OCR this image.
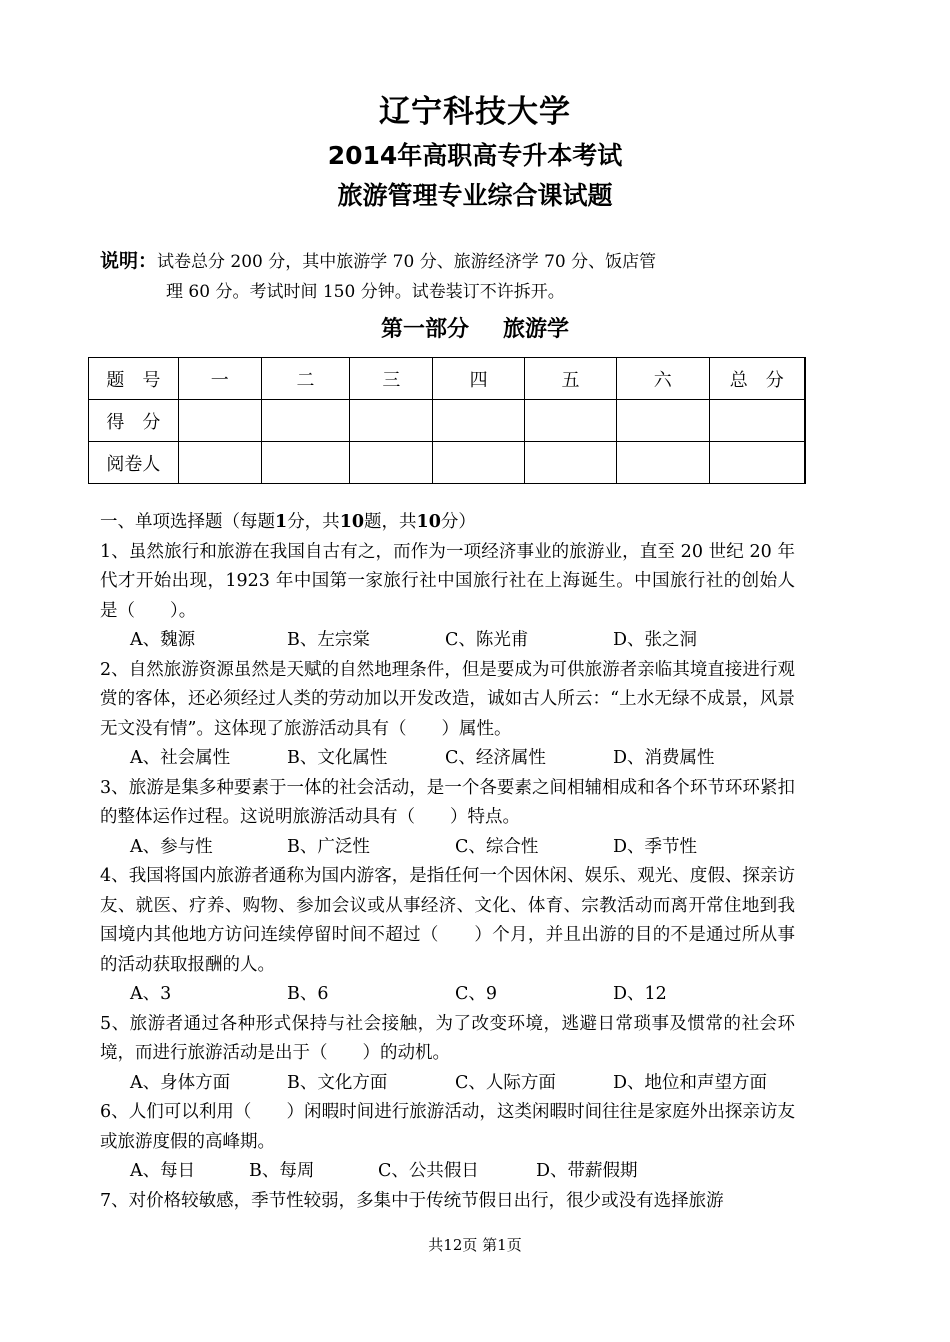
辽宁科技大学
2014年高职高专升本考试
旅游管理专业综合课试题
说明：试卷总分 200 分，其中旅游学 70 分、旅游经济学 70 分、饭店管
理 60 分。考试时间 150 分钟。试卷装订不许拆开。
第一部分 旅游学
题　号	一	二	三	四	五	六	总　分
得　分							
阅卷人							

一、单项选择题（每题1分，共10题，共10分）

1、虽然旅行和旅游在我国自古有之，而作为一项经济事业的旅游业，直至 20 世纪 20 年代才开始出现，1923 年中国第一家旅行社中国旅行社在上海诞生。中国旅行社的创始人是（　　）。

A、魏源	B、左宗棠	C、陈光甫	D、张之洞

2、自然旅游资源虽然是天赋的自然地理条件，但是要成为可供旅游者亲临其境直接进行观赏的客体，还必须经过人类的劳动加以开发改造，诚如古人所云：“上水无绿不成景，风景无文没有情”。这体现了旅游活动具有（　　）属性。

A、社会属性	B、文化属性	C、经济属性	D、消费属性

3、旅游是集多种要素于一体的社会活动，是一个各要素之间相辅相成和各个环节环环紧扣的整体运作过程。这说明旅游活动具有（　　）特点。

A、参与性	B、广泛性	C、综合性	D、季节性

4、我国将国内旅游者通称为国内游客，是指任何一个因休闲、娱乐、观光、度假、探亲访友、就医、疗养、购物、参加会议或从事经济、文化、体育、宗教活动而离开常住地到我国境内其他地方访问连续停留时间不超过（　　）个月，并且出游的目的不是通过所从事的活动获取报酬的人。

A、3	B、6	C、9	D、12

5、旅游者通过各种形式保持与社会接触，为了改变环境，逃避日常琐事及惯常的社会环境，而进行旅游活动是出于（　　）的动机。

A、身体方面	B、文化方面	C、人际方面	D、地位和声望方面

6、人们可以利用（　　）闲暇时间进行旅游活动，这类闲暇时间往往是家庭外出探亲访友或旅游度假的高峰期。

A、每日	B、每周	C、公共假日	D、带薪假期

7、对价格较敏感，季节性较弱，多集中于传统节假日出行，很少或没有选择旅游

共12页 第1页
